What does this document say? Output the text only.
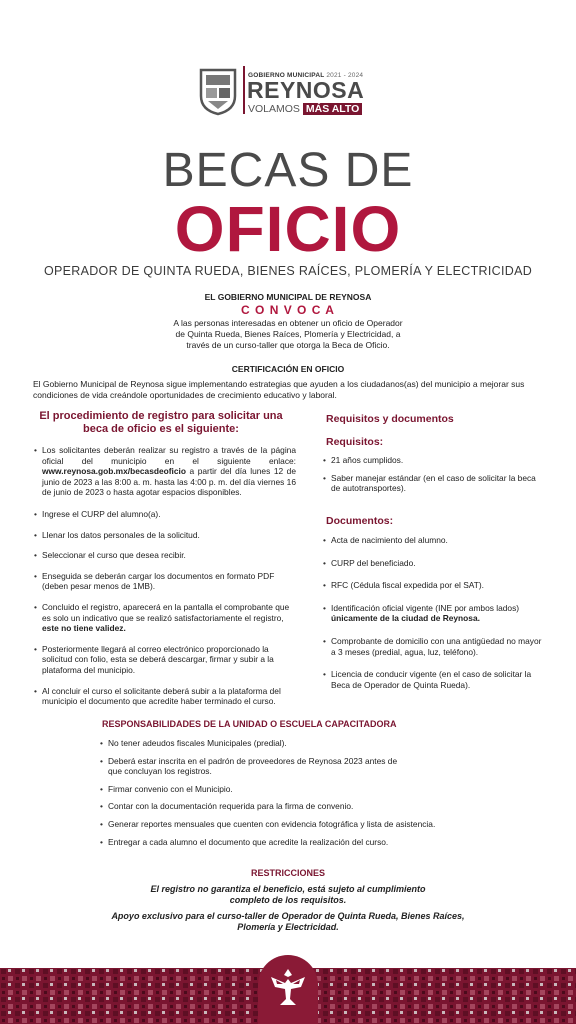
GOBIERNO MUNICIPAL 2021 - 2024
REYNOSA
VOLAMOS MÁS ALTO
BECAS DE
OFICIO
OPERADOR DE QUINTA RUEDA, BIENES RAÍCES, PLOMERÍA Y ELECTRICIDAD
EL GOBIERNO MUNICIPAL DE REYNOSA
C O N V O C A
A las personas interesadas en obtener un oficio de Operador de Quinta Rueda, Bienes Raíces, Plomería y Electricidad, a través de un curso-taller que otorga la Beca de Oficio.
CERTIFICACIÓN EN OFICIO
El Gobierno Municipal de Reynosa sigue implementando estrategias que ayuden a los ciudadanos(as) del municipio a mejorar sus condiciones de vida creándole oportunidades de crecimiento educativo y laboral.
El procedimiento de registro para solicitar una beca de oficio es el siguiente:
• Los solicitantes deberán realizar su registro a través de la página oficial del municipio en el siguiente enlace: www.reynosa.gob.mx/becasdeoficio a partir del día lunes 12 de junio de 2023 a las 8:00 a. m. hasta las 4:00 p. m. del día viernes 16 de junio de 2023 o hasta agotar espacios disponibles.
• Ingrese el CURP del alumno(a).
• Llenar los datos personales de la solicitud.
• Seleccionar el curso que desea recibir.
• Enseguida se deberán cargar los documentos en formato PDF (deben pesar menos de 1MB).
• Concluido el registro, aparecerá en la pantalla el comprobante que es solo un indicativo que se realizó satisfactoriamente el registro, este no tiene validez.
• Posteriormente llegará al correo electrónico proporcionado la solicitud con folio, esta se deberá descargar, firmar y subir a la plataforma del municipio.
• Al concluir el curso el solicitante deberá subir a la plataforma del municipio el documento que acredite haber terminado el curso.
Requisitos y documentos
Requisitos:
• 21 años cumplidos.
• Saber manejar estándar (en el caso de solicitar la beca de autotransportes).
Documentos:
• Acta de nacimiento del alumno.
• CURP del beneficiado.
• RFC (Cédula fiscal expedida por el SAT).
• Identificación oficial vigente (INE por ambos lados) únicamente de la ciudad de Reynosa.
• Comprobante de domicilio con una antigüedad no mayor a 3 meses (predial, agua, luz, teléfono).
• Licencia de conducir vigente (en el caso de solicitar la Beca de Operador de Quinta Rueda).
RESPONSABILIDADES DE LA UNIDAD O ESCUELA CAPACITADORA
• No tener adeudos fiscales Municipales (predial).
• Deberá estar inscrita en el padrón de proveedores de Reynosa 2023 antes de que concluyan los registros.
• Firmar convenio con el Municipio.
• Contar con la documentación requerida para la firma de convenio.
• Generar reportes mensuales que cuenten con evidencia fotográfica y lista de asistencia.
• Entregar a cada alumno el documento que acredite la realización del curso.
RESTRICCIONES
El registro no garantiza el beneficio, está sujeto al cumplimiento completo de los requisitos.
Apoyo exclusivo para el curso-taller de Operador de Quinta Rueda, Bienes Raíces, Plomería y Electricidad.
